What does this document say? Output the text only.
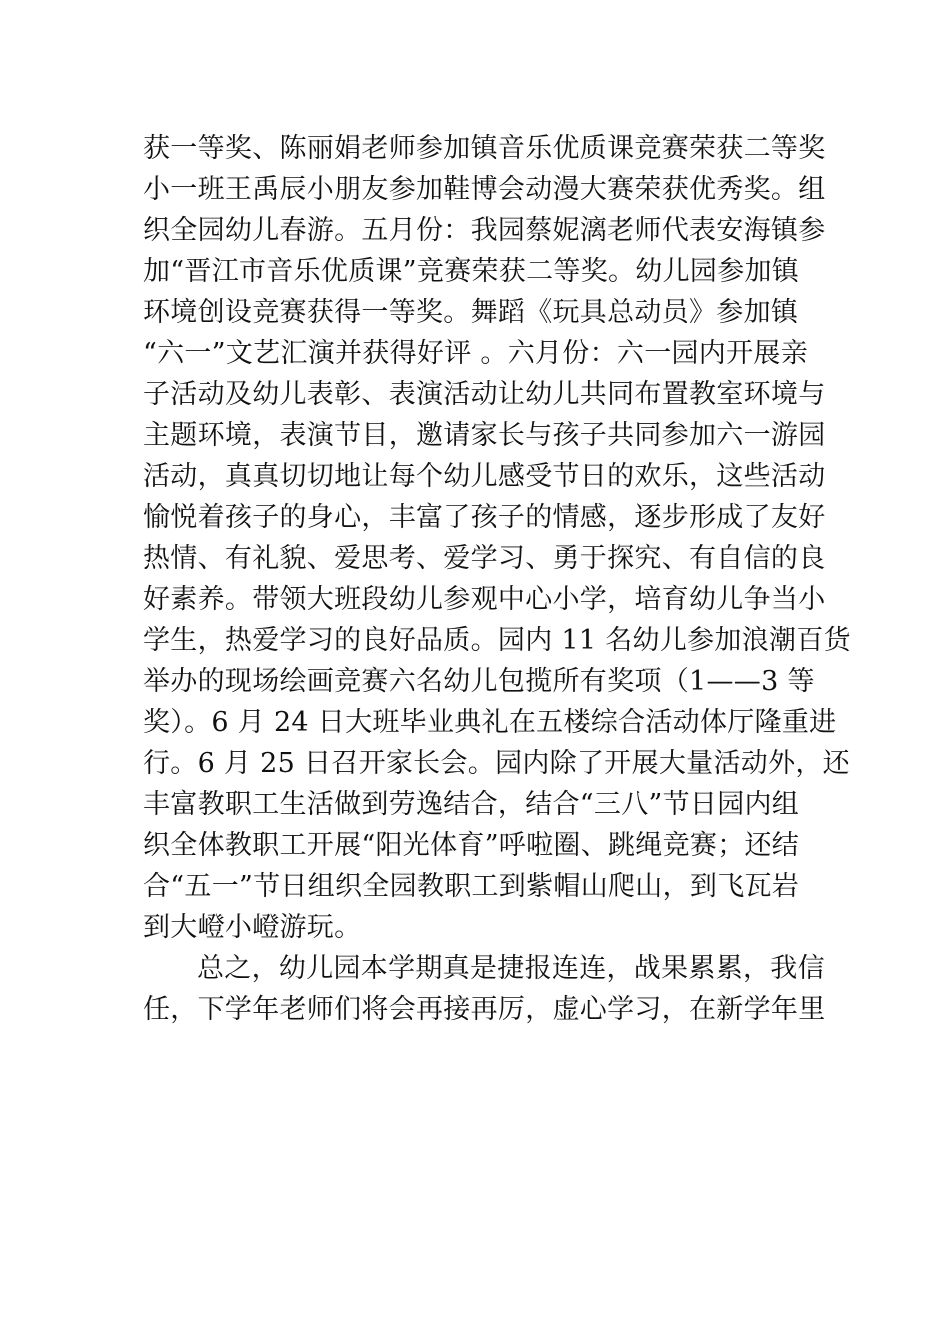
获一等奖、陈丽娟老师参加镇音乐优质课竞赛荣获二等奖
小一班王禹辰小朋友参加鞋博会动漫大赛荣获优秀奖。组
织全园幼儿春游。五月份：我园蔡妮漓老师代表安海镇参
加“晋江市音乐优质课”竞赛荣获二等奖。幼儿园参加镇
环境创设竞赛获得一等奖。舞蹈《玩具总动员》参加镇
“六一”文艺汇演并获得好评 。六月份：六一园内开展亲
子活动及幼儿表彰、表演活动让幼儿共同布置教室环境与
主题环境，表演节目，邀请家长与孩子共同参加六一游园
活动，真真切切地让每个幼儿感受节日的欢乐，这些活动
愉悦着孩子的身心，丰富了孩子的情感，逐步形成了友好
热情、有礼貌、爱思考、爱学习、勇于探究、有自信的良
好素养。带领大班段幼儿参观中心小学，培育幼儿争当小
学生，热爱学习的良好品质。园内 11 名幼儿参加浪潮百货
举办的现场绘画竞赛六名幼儿包揽所有奖项（1——3 等
奖）。6 月 24 日大班毕业典礼在五楼综合活动体厅隆重进
行。6 月 25 日召开家长会。园内除了开展大量活动外，还
丰富教职工生活做到劳逸结合，结合“三八”节日园内组
织全体教职工开展“阳光体育”呼啦圈、跳绳竞赛；还结
合“五一”节日组织全园教职工到紫帽山爬山，到飞瓦岩
到大嶝小嶝游玩。
总之，幼儿园本学期真是捷报连连，战果累累，我信
任，下学年老师们将会再接再厉，虚心学习，在新学年里
